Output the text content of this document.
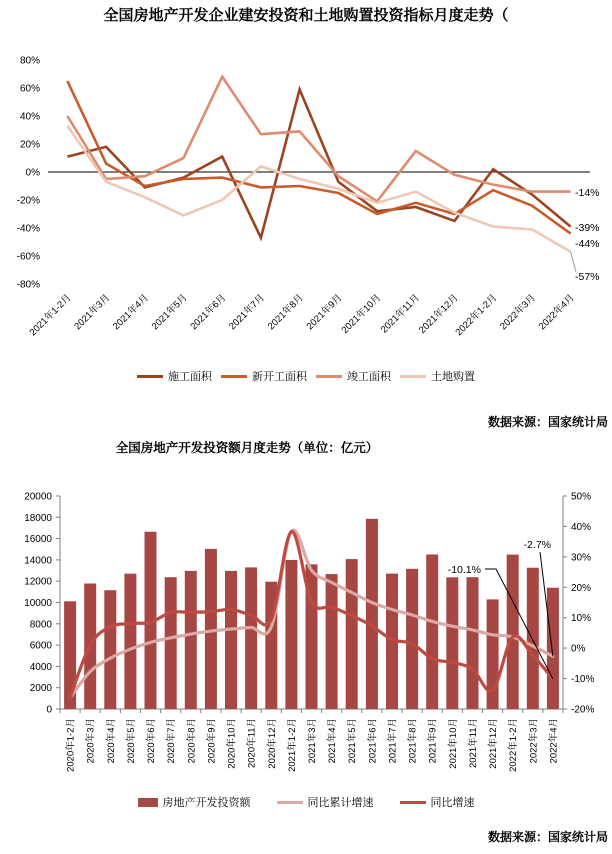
80%
60%
40%
20%
0%
-20%
-40%
-60%
-80%
2021年1-2月
2021年3月
2021年4月
2021年5月
2021年6月
2021年7月
2021年8月
2021年9月
2021年10月
2021年11月
2021年12月
2022年1-2月
2022年3月
2022年4月
-14%
-39%
-44%
-57%
20000
18000
16000
14000
12000
10000
8000
6000
4000
2000
0
50%
40%
30%
20%
10%
0%
-10%
-20%
2020年1-2月 2020年3月 2020年4月 2020年5月 2020年6月 2020年7月 2020年8月 2020年9月 2020年10月 2020年11月 2020年12月 2021年1-2月 2021年3月 2021年4月 2021年5月 2021年6月 2021年7月 2021年8月 2021年9月 2021年10月 2021年11月 2021年12月 2022年1-2月 2022年3月 2022年4月
-10.1%
-2.7%
全国房地产开发企业建安投资和土地购置投资指标月度走势（
施工面积	新开工面积	竣工面积	土地购置
数据来源：国家统计局
全国房地产开发投资额月度走势（单位：亿元）
房地产开发投资额	同比累计增速	同比增速
数据来源：国家统计局
